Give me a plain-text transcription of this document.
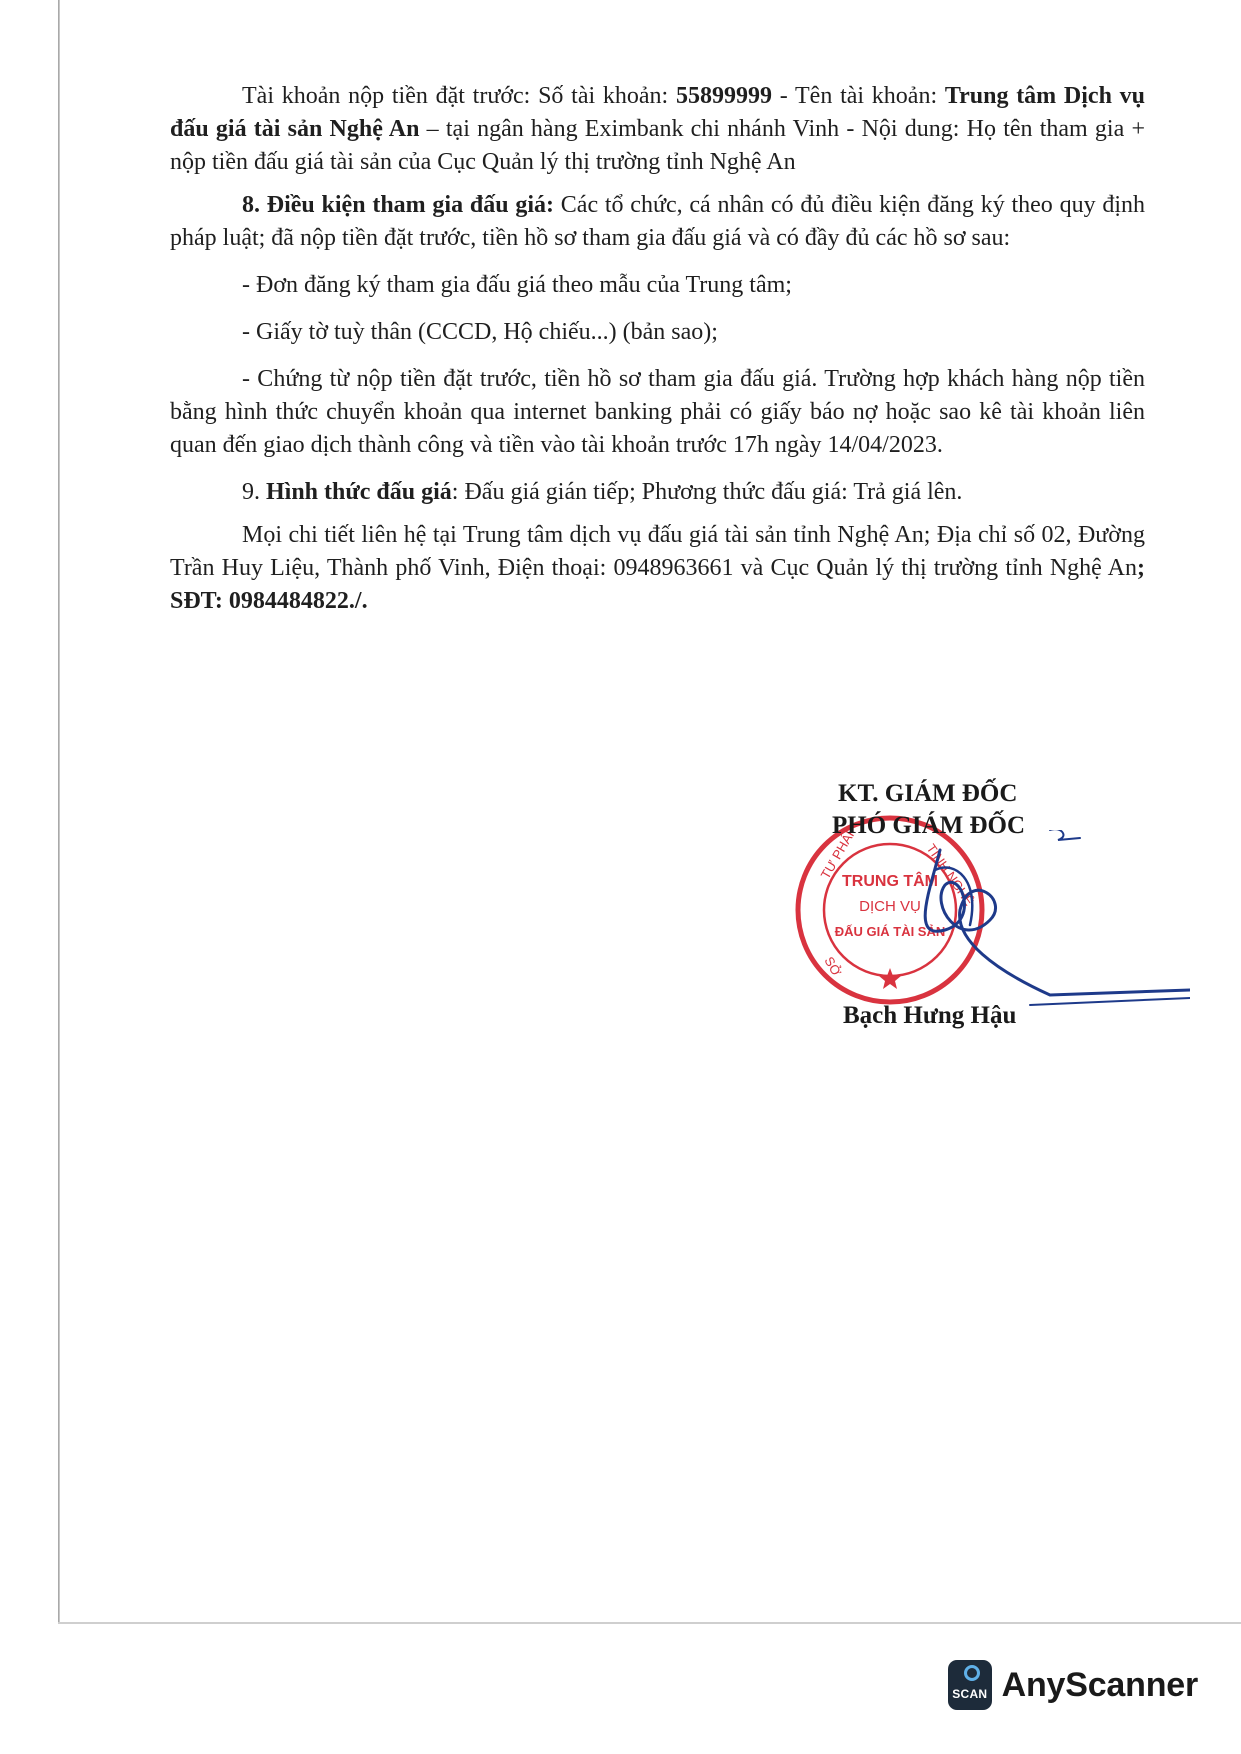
Tài khoản nộp tiền đặt trước: Số tài khoản: 55899999 - Tên tài khoản: Trung tâm Dịch vụ đấu giá tài sản Nghệ An – tại ngân hàng Eximbank chi nhánh Vinh - Nội dung: Họ tên tham gia + nộp tiền đấu giá tài sản của Cục Quản lý thị trường tỉnh Nghệ An

8. Điều kiện tham gia đấu giá: Các tổ chức, cá nhân có đủ điều kiện đăng ký theo quy định pháp luật; đã nộp tiền đặt trước, tiền hồ sơ tham gia đấu giá và có đầy đủ các hồ sơ sau:

- Đơn đăng ký tham gia đấu giá theo mẫu của Trung tâm;

- Giấy tờ tuỳ thân (CCCD, Hộ chiếu...) (bản sao);

- Chứng từ nộp tiền đặt trước, tiền hồ sơ tham gia đấu giá. Trường hợp khách hàng nộp tiền bằng hình thức chuyển khoản qua internet banking phải có giấy báo nợ hoặc sao kê tài khoản liên quan đến giao dịch thành công và tiền vào tài khoản trước 17h ngày 14/04/2023.

9. Hình thức đấu giá: Đấu giá gián tiếp; Phương thức đấu giá: Trả giá lên.

Mọi chi tiết liên hệ tại Trung tâm dịch vụ đấu giá tài sản tỉnh Nghệ An; Địa chỉ số 02, Đường Trần Huy Liệu, Thành phố Vinh, Điện thoại: 0948963661 và Cục Quản lý thị trường tỉnh Nghệ An; SĐT: 0984484822./.

TRUNG TÂM
DỊCH VỤ
ĐẤU GIÁ TÀI SẢN
TƯ PHÁP	TỈNH NGHỆ
SỞ
KT. GIÁM ĐỐC
PHÓ GIÁM ĐỐC
Bạch Hưng Hậu
SCAN AnyScanner
